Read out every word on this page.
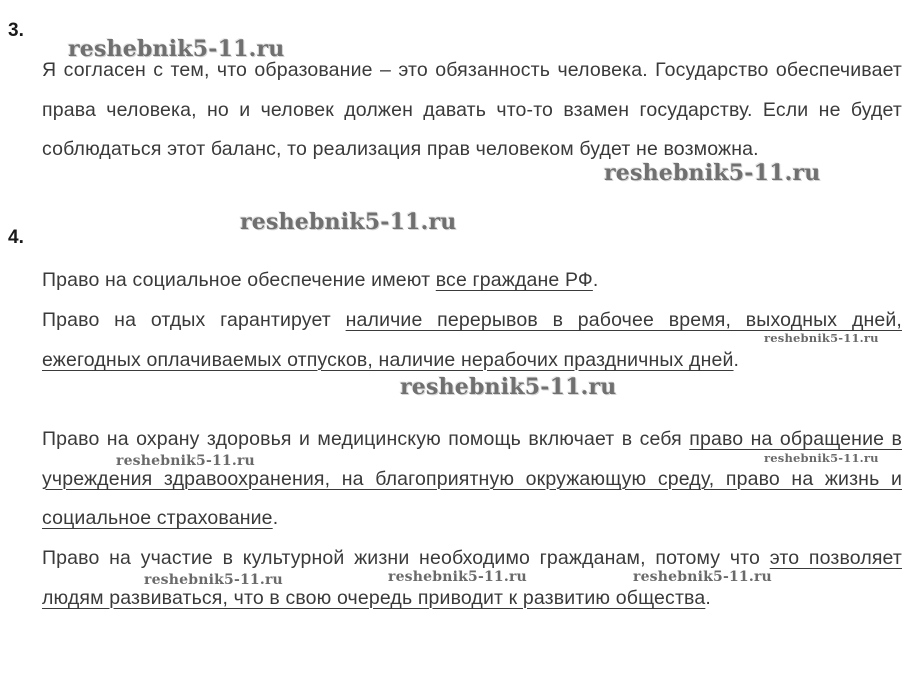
3.

Я согласен с тем, что образование – это обязанность человека. Государство обеспечивает права человека, но и человек должен давать что-то взамен государству. Если не будет соблюдаться этот баланс, то реализация прав человеком будет не возможна.

4.

Право на социальное обеспечение имеют все граждане РФ.

Право на отдых гарантирует наличие перерывов в рабочее время, выходных дней, ежегодных оплачиваемых отпусков, наличие нерабочих праздничных дней.

Право на охрану здоровья и медицинскую помощь включает в себя право на обращение в учреждения здравоохранения, на благоприятную окружающую среду, право на жизнь и социальное страхование.

Право на участие в культурной жизни необходимо гражданам, потому что это позволяет людям развиваться, что в свою очередь приводит к развитию общества.

reshebnik5-11.ru
reshebnik5-11.ru
reshebnik5-11.ru
reshebnik5-11.ru
reshebnik5-11.ru
reshebnik5-11.ru	reshebnik5-11.ru
reshebnik5-11.ru	reshebnik5-11.ru	reshebnik5-11.ru
